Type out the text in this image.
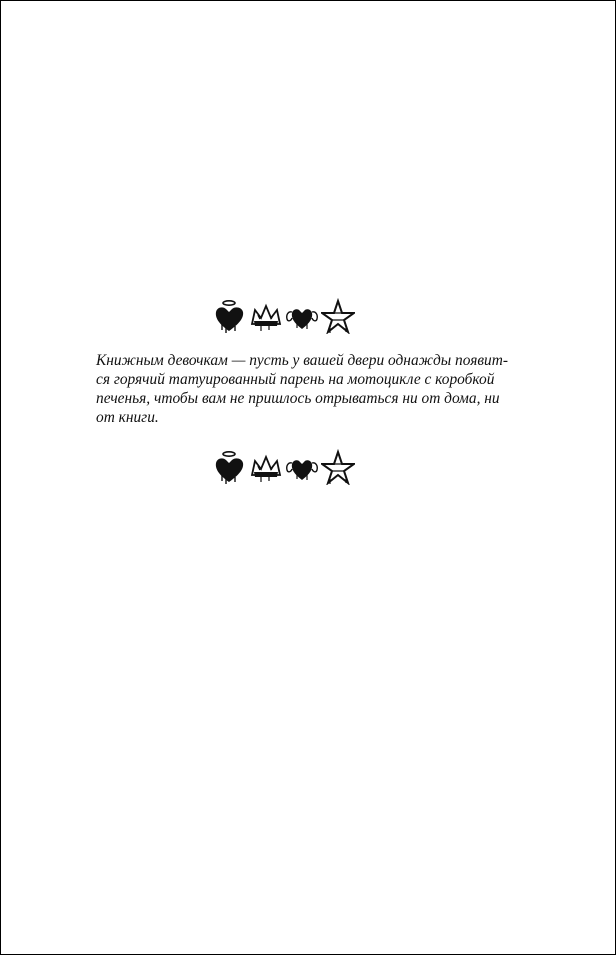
Книжным девочкам — пусть у вашей двери однажды появит-
ся горячий татуированный парень на мотоцикле с коробкой
печенья, чтобы вам не пришлось отрываться ни от дома, ни
от книги.
